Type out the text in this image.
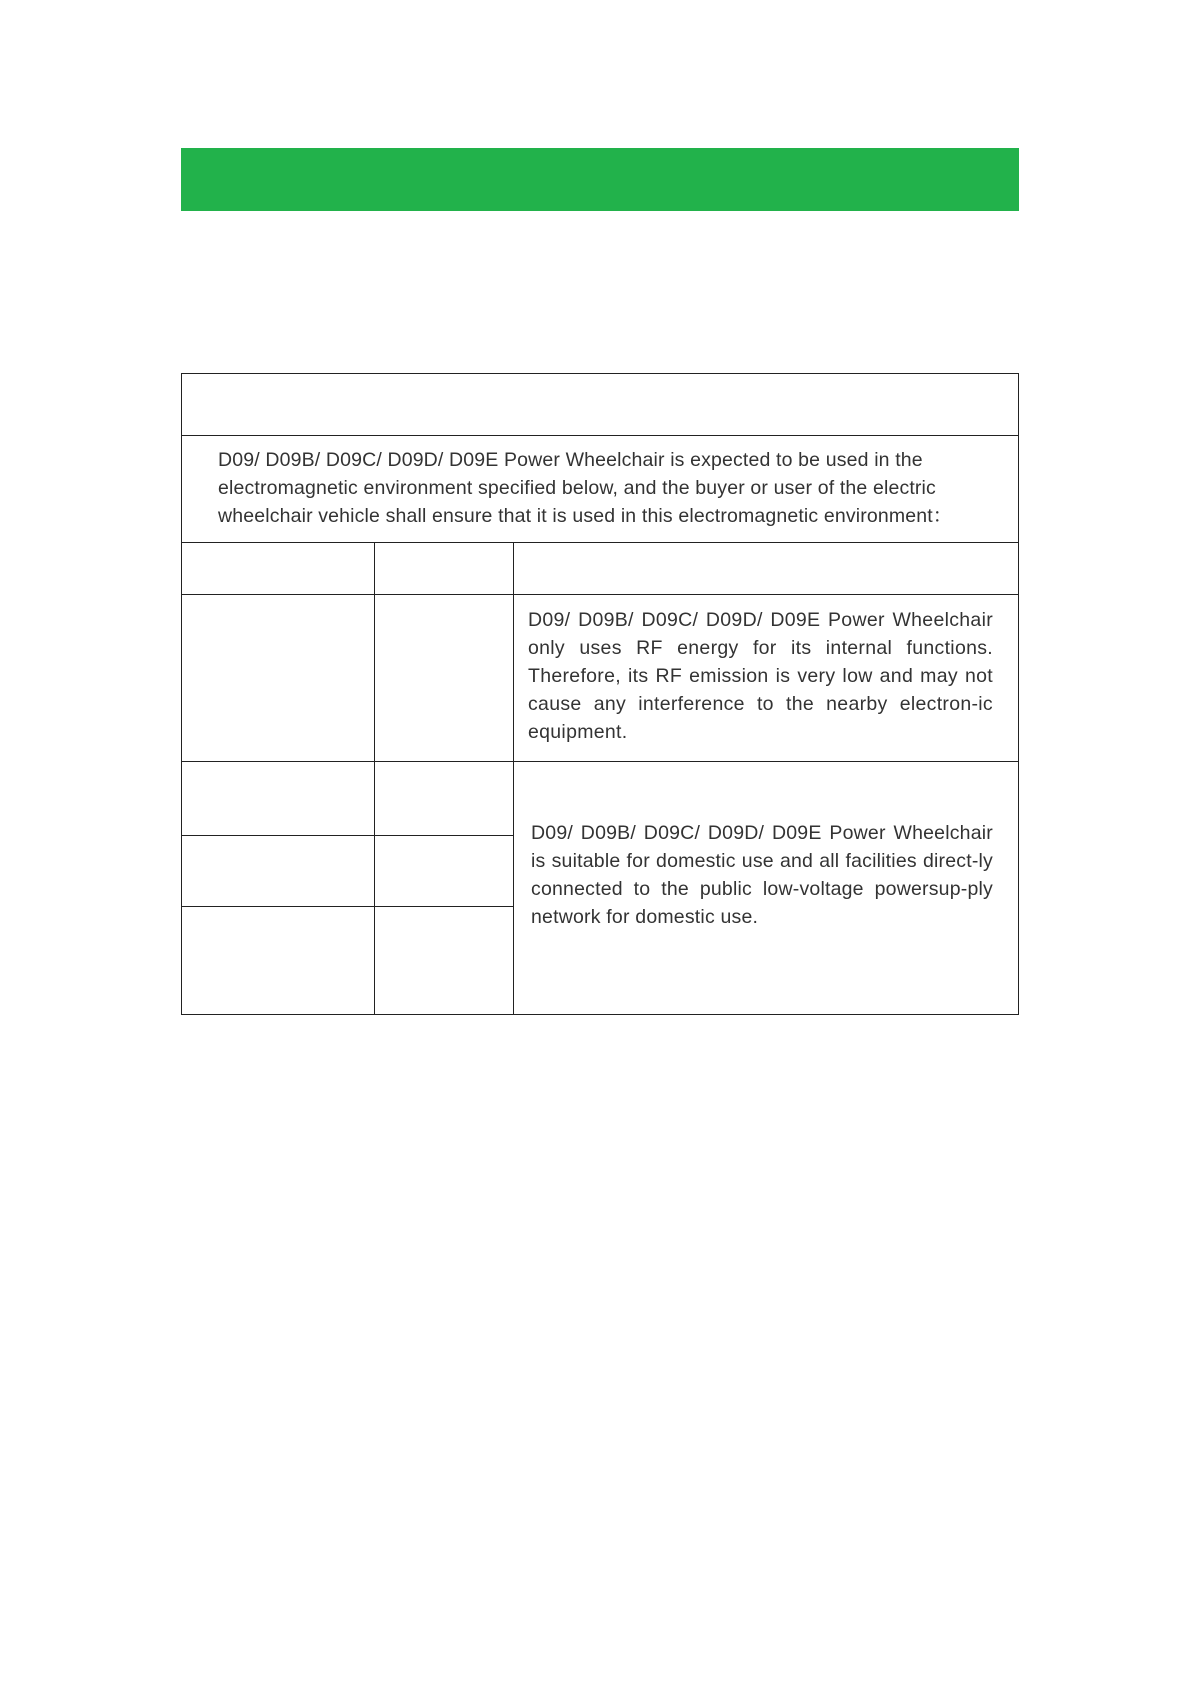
D09/ D09B/ D09C/ D09D/ D09E Power Wheelchair is expected to be used in the electromagnetic environment specified below, and the buyer or user of the electric wheelchair vehicle shall ensure that it is used in this electromagnetic environment：

D09/ D09B/ D09C/ D09D/ D09E Power Wheelchair only uses RF energy for its internal functions. Therefore, its RF emission is very low and may not cause any interference to the nearby electron-ic equipment.

D09/ D09B/ D09C/ D09D/ D09E Power Wheelchair is suitable for domestic use and all facilities direct-ly connected to the public low-voltage powersup-ply network for domestic use.
